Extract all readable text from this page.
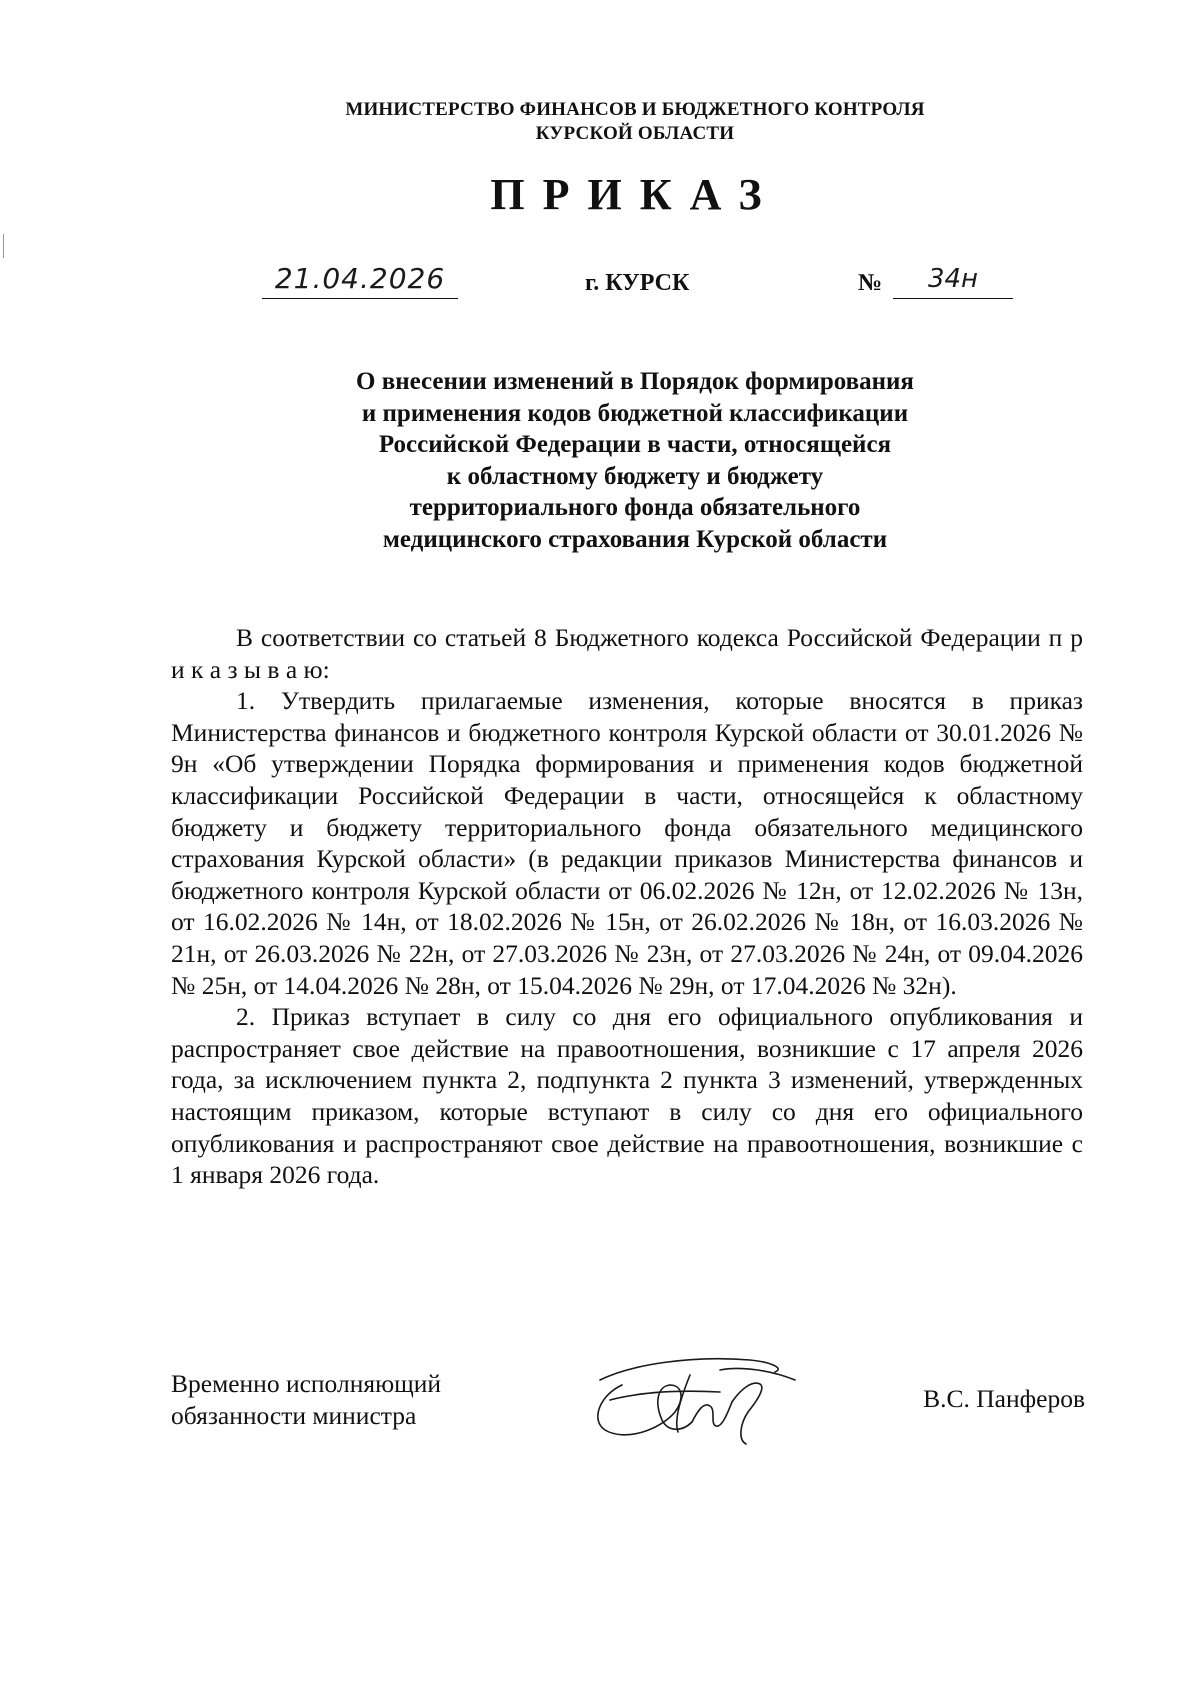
МИНИСТЕРСТВО ФИНАНСОВ И БЮДЖЕТНОГО КОНТРОЛЯ
КУРСКОЙ ОБЛАСТИ
ПРИКАЗ
21.04.2026	г. КУРСК	№	34н
О внесении изменений в Порядок формирования
и применения кодов бюджетной классификации
Российской Федерации в части, относящейся
к областному бюджету и бюджету
территориального фонда обязательного
медицинского страхования Курской области

В соответствии со статьей 8 Бюджетного кодекса Российской Федерации п р и к а з ы в а ю:

1. Утвердить прилагаемые изменения, которые вносятся в приказ Министерства финансов и бюджетного контроля Курской области от 30.01.2026 № 9н «Об утверждении Порядка формирования и применения кодов бюджетной классификации Российской Федерации в части, относящейся к областному бюджету и бюджету территориального фонда обязательного медицинского страхования Курской области» (в редакции приказов Министерства финансов и бюджетного контроля Курской области от 06.02.2026 № 12н, от 12.02.2026 № 13н, от 16.02.2026 № 14н, от 18.02.2026 № 15н, от 26.02.2026 № 18н, от 16.03.2026 № 21н, от 26.03.2026 № 22н, от 27.03.2026 № 23н, от 27.03.2026 № 24н, от 09.04.2026 № 25н, от 14.04.2026 № 28н, от 15.04.2026 № 29н, от 17.04.2026 № 32н).

2. Приказ вступает в силу со дня его официального опубликования и распространяет свое действие на правоотношения, возникшие с 17 апреля 2026 года, за исключением пункта 2, подпункта 2 пункта 3 изменений, утвержденных настоящим приказом, которые вступают в силу со дня его официального опубликования и распространяют свое действие на правоотношения, возникшие с 1 января 2026 года.

Временно исполняющий
обязанности министра
В.С. Панферов
